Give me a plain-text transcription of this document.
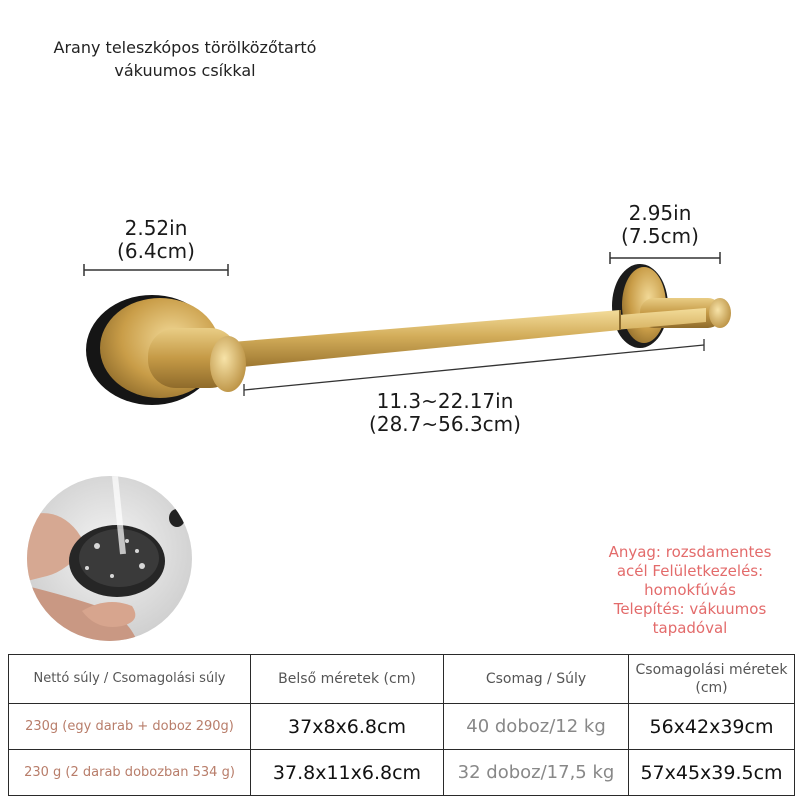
Arany teleszkópos törölközőtartó
vákuumos csíkkal
2.52in
(6.4cm)
2.95in
(7.5cm)
11.3~22.17in
(28.7~56.3cm)
Anyag: rozsdamentes
acél Felületkezelés:
homokfúvás
Telepítés: vákuumos
tapadóval
Nettó súly / Csomagolási súly	Belső méretek (cm)	Csomag / Súly	Csomagolási méretek (cm)
230g (egy darab + doboz 290g)	37x8x6.8cm	40 doboz/12 kg	56x42x39cm
230 g (2 darab dobozban 534 g)	37.8x11x6.8cm	32 doboz/17,5 kg	57x45x39.5cm
